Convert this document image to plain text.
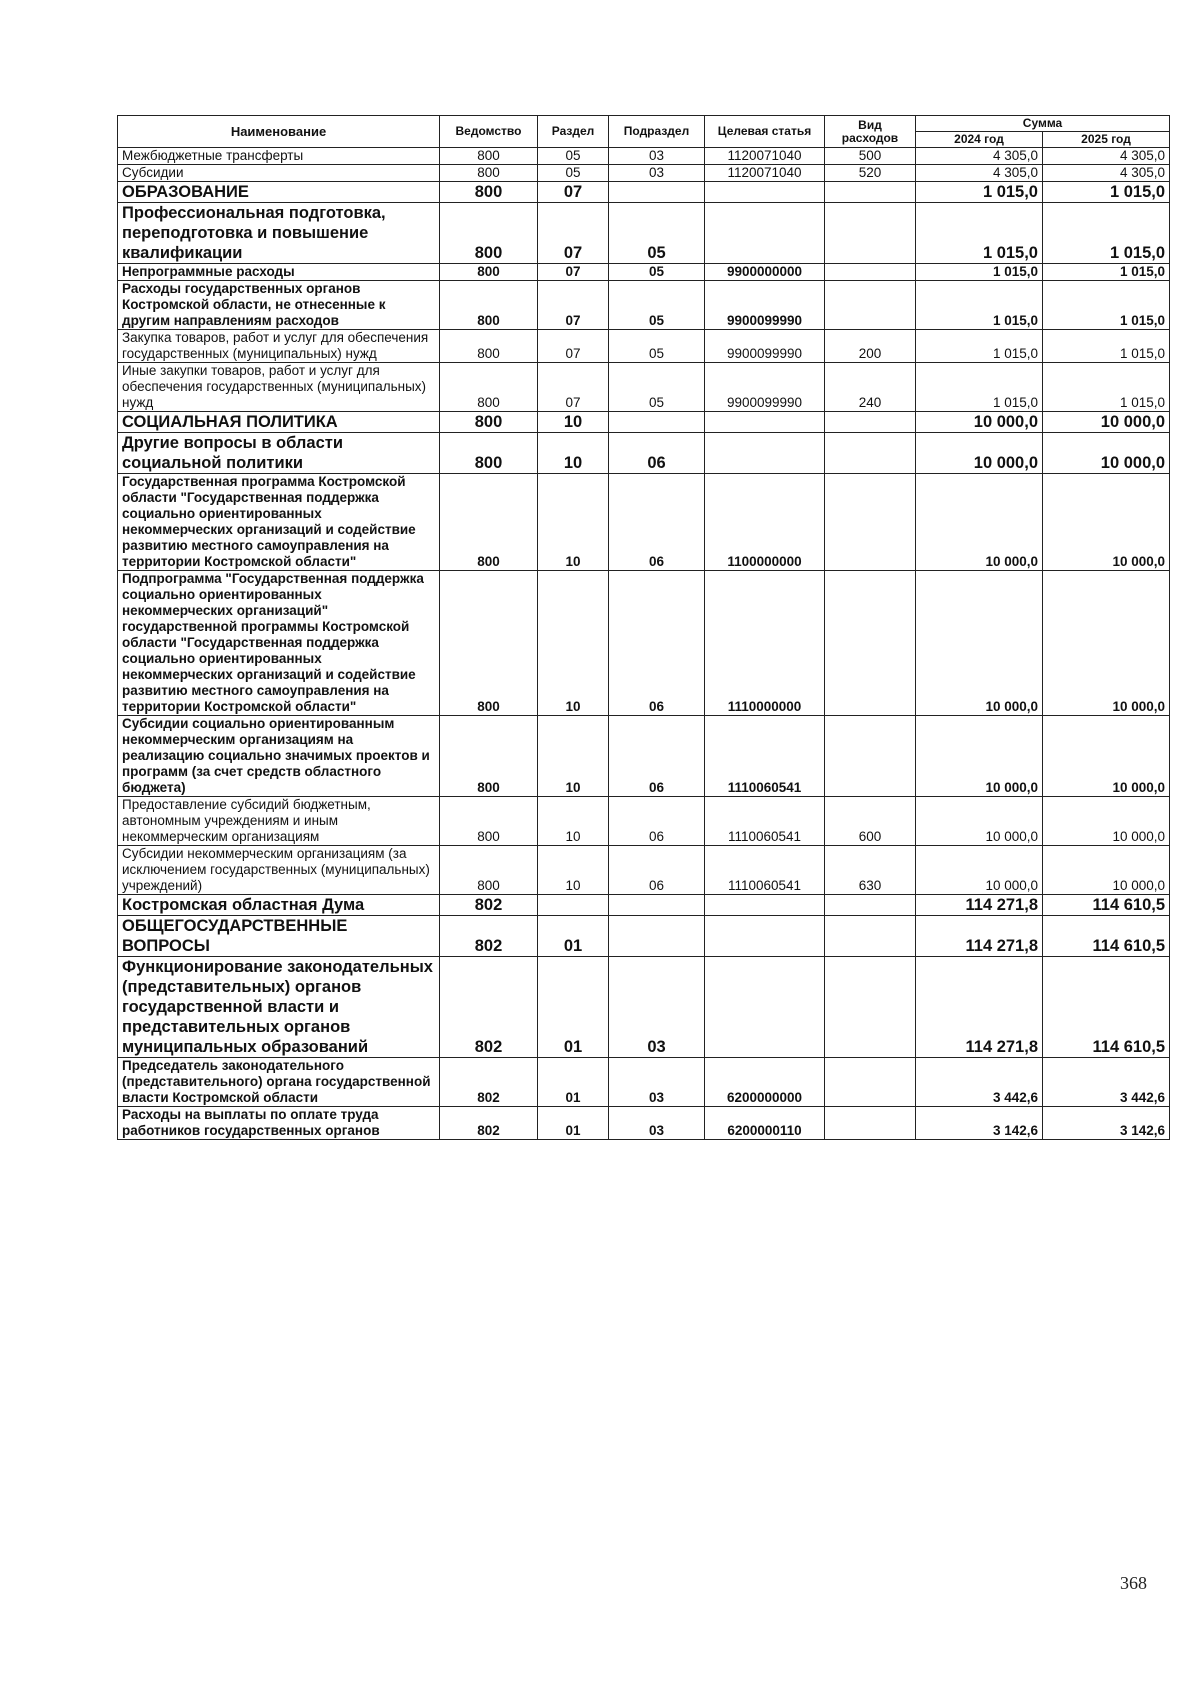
Наименование	Ведомство	Раздел	Подраздел	Целевая статья	Вид расходов	Сумма	
						2024 год	2025 год
Межбюджетные трансферты	800	05	03	1120071040	500	4 305,0	4 305,0
Субсидии	800	05	03	1120071040	520	4 305,0	4 305,0
ОБРАЗОВАНИЕ	800	07				1 015,0	1 015,0
Профессиональная подготовка, переподготовка и повышение квалификации	800	07	05			1 015,0	1 015,0
Непрограммные расходы	800	07	05	9900000000		1 015,0	1 015,0
Расходы государственных органов Костромской области, не отнесенные к другим направлениям расходов	800	07	05	9900099990		1 015,0	1 015,0
Закупка товаров, работ и услуг для обеспечения государственных (муниципальных) нужд	800	07	05	9900099990	200	1 015,0	1 015,0
Иные закупки товаров, работ и услуг для обеспечения государственных (муниципальных) нужд	800	07	05	9900099990	240	1 015,0	1 015,0
СОЦИАЛЬНАЯ ПОЛИТИКА	800	10				10 000,0	10 000,0
Другие вопросы в области социальной политики	800	10	06			10 000,0	10 000,0
Государственная программа Костромской области "Государственная поддержка социально ориентированных некоммерческих организаций и содействие развитию местного самоуправления на территории Костромской области"	800	10	06	1100000000		10 000,0	10 000,0
Подпрограмма "Государственная поддержка социально ориентированных некоммерческих организаций" государственной программы Костромской области "Государственная поддержка социально ориентированных некоммерческих организаций и содействие развитию местного самоуправления на территории Костромской области"	800	10	06	1110000000		10 000,0	10 000,0
Субсидии социально ориентированным некоммерческим организациям на реализацию социально значимых проектов и программ (за счет средств областного бюджета)	800	10	06	1110060541		10 000,0	10 000,0
Предоставление субсидий бюджетным, автономным учреждениям и иным некоммерческим организациям	800	10	06	1110060541	600	10 000,0	10 000,0
Субсидии некоммерческим организациям (за исключением государственных (муниципальных) учреждений)	800	10	06	1110060541	630	10 000,0	10 000,0
Костромская областная Дума	802					114 271,8	114 610,5
ОБЩЕГОСУДАРСТВЕННЫЕ ВОПРОСЫ	802	01				114 271,8	114 610,5
Функционирование законодательных (представительных) органов государственной власти и представительных органов муниципальных образований	802	01	03			114 271,8	114 610,5
Председатель законодательного (представительного) органа государственной власти Костромской области	802	01	03	6200000000		3 442,6	3 442,6
Расходы на выплаты по оплате труда работников государственных органов	802	01	03	6200000110		3 142,6	3 142,6
368
